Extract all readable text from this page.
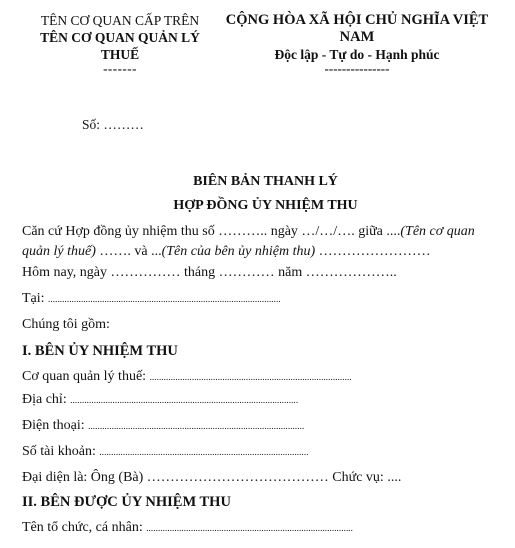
TÊN CƠ QUAN CẤP TRÊN
TÊN CƠ QUAN QUẢN LÝ THUẾ
-------
CỘNG HÒA XÃ HỘI CHỦ NGHĨA VIỆT NAM
Độc lập - Tự do - Hạnh phúc
---------------
Số: ………
BIÊN BẢN THANH LÝ
HỢP ĐỒNG ỦY NHIỆM THU
Căn cứ Hợp đồng ủy nhiệm thu số ……….. ngày …/…/…. giữa ....(Tên cơ quan quản lý thuế) ……. và ...(Tên của bên ủy nhiệm thu) ……………………
Hôm nay, ngày …………… tháng ………… năm ………………..
Tại: ...................................................................................................
Chúng tôi gồm:
I. BÊN ỦY NHIỆM THU
Cơ quan quản lý thuế: ......................................................................................
Địa chỉ: .................................................................................................
Điện thoại: ............................................................................................
Số tài khoản: .........................................................................................
Đại diện là: Ông (Bà) ………………………………… Chức vụ: ....
II. BÊN ĐƯỢC ỦY NHIỆM THU
Tên tổ chức, cá nhân: ........................................................................................
